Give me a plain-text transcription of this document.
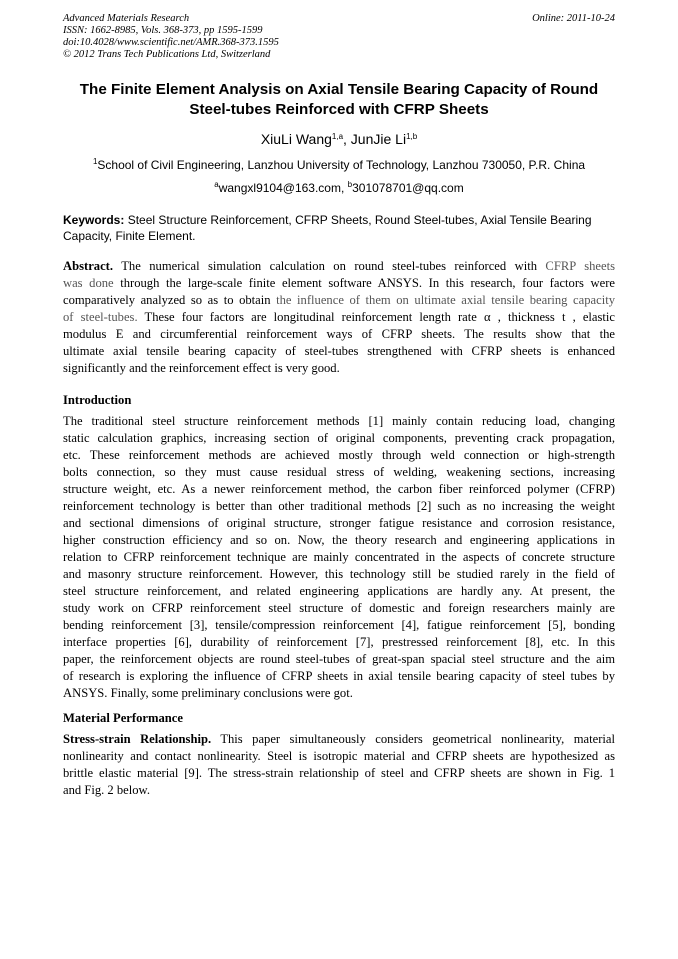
Advanced Materials Research
ISSN: 1662-8985, Vols. 368-373, pp 1595-1599
doi:10.4028/www.scientific.net/AMR.368-373.1595
© 2012 Trans Tech Publications Ltd, Switzerland
Online: 2011-10-24
The Finite Element Analysis on Axial Tensile Bearing Capacity of Round
Steel-tubes Reinforced with CFRP Sheets
XiuLi Wang$^{1,a}$, JunJie Li$^{1,b}$
$^1$School of Civil Engineering, Lanzhou University of Technology, Lanzhou 730050, P.R. China
$^a$wangxl9104@163.com, $^b$301078701@qq.com
Keywords: Steel Structure Reinforcement, CFRP Sheets, Round Steel-tubes, Axial Tensile Bearing
Capacity, Finite Element.
Abstract. The numerical simulation calculation on round steel-tubes reinforced with CFRP sheets
was done through the large-scale finite element software ANSYS. In this research, four factors were
comparatively analyzed so as to obtain the influence of them on ultimate axial tensile bearing capacity
of steel-tubes. These four factors are longitudinal reinforcement length rate α , thickness t , elastic
modulus E and circumferential reinforcement ways of CFRP sheets. The results show that the
ultimate axial tensile bearing capacity of steel-tubes strengthened with CFRP sheets is enhanced
significantly and the reinforcement effect is very good.
Introduction
The traditional steel structure reinforcement methods [1] mainly contain reducing load, changing
static calculation graphics, increasing section of original components, preventing crack propagation,
etc. These reinforcement methods are achieved mostly through weld connection or high-strength
bolts connection, so they must cause residual stress of welding, weakening sections, increasing
structure weight, etc. As a newer reinforcement method, the carbon fiber reinforced polymer (CFRP)
reinforcement technology is better than other traditional methods [2] such as no increasing the weight
and sectional dimensions of original structure, stronger fatigue resistance and corrosion resistance,
higher construction efficiency and so on. Now, the theory research and engineering applications in
relation to CFRP reinforcement technique are mainly concentrated in the aspects of concrete structure
and masonry structure reinforcement. However, this technology still be studied rarely in the field of
steel structure reinforcement, and related engineering applications are hardly any. At present, the
study work on CFRP reinforcement steel structure of domestic and foreign researchers mainly are
bending reinforcement [3], tensile/compression reinforcement [4], fatigue reinforcement [5], bonding
interface properties [6], durability of reinforcement [7], prestressed reinforcement [8], etc. In this
paper, the reinforcement objects are round steel-tubes of great-span spacial steel structure and the aim
of research is exploring the influence of CFRP sheets in axial tensile bearing capacity of steel tubes by
ANSYS. Finally, some preliminary conclusions were got.
Material Performance
Stress-strain Relationship. This paper simultaneously considers geometrical nonlinearity, material
nonlinearity and contact nonlinearity. Steel is isotropic material and CFRP sheets are hypothesized as
brittle elastic material [9]. The stress-strain relationship of steel and CFRP sheets are shown in Fig. 1
and Fig. 2 below.
